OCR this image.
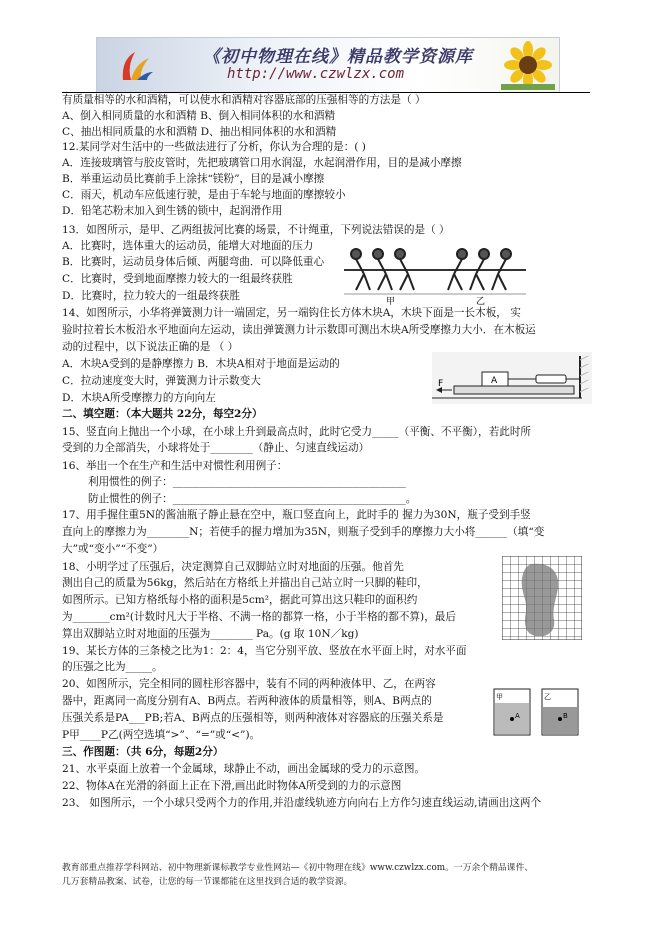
《初中物理在线》精品教学资源库
http://www.czwlzx.com
有质量相等的水和酒精，可以使水和酒精对容器底部的压强相等的方法是（ ）
A、倒入相同质量的水和酒精 B、倒入相同体积的水和酒精
C、抽出相同质量的水和酒精 D、抽出相同体积的水和酒精
12.某同学对生活中的一些做法进行了分析，你认为合理的是：( )
A．连接玻璃管与胶皮管时，先把玻璃管口用水润湿，水起润滑作用，目的是减小摩擦
B．举重运动员比赛前手上涂抹“镁粉”，目的是减小摩擦
C．雨天，机动车应低速行驶，是由于车轮与地面的摩擦较小
D．铅笔芯粉末加入到生锈的锁中，起润滑作用
13．如图所示，是甲、乙两组拔河比赛的场景，不计绳重，下列说法错误的是（ ）
A．比赛时，选体重大的运动员，能增大对地面的压力
B．比赛时，运动员身体后倾、两腿弯曲．可以降低重心
C．比赛时，受到地面摩擦力较大的一组最终获胜
D．比赛时，拉力较大的一组最终获胜
14、如图所示，小华将弹簧测力计一端固定，另一端钩住长方体木块A，木块下面是一长木板， 实
验时拉着长木板沿水平地面向左运动，读出弹簧测力计示数即可测出木块A所受摩擦力大小．在木板运
动的过程中，以下说法正确的是 （ ）
A．木块A受到的是静摩擦力 B．木块A相对于地面是运动的
C．拉动速度变大时，弹簧测力计示数变大
D．木块A所受摩擦力的方向向左
二、填空题：（本大题共 22分，每空2分）
15、竖直向上抛出一个小球，在小球上升到最高点时，此时它受力_____（平衡、不平衡），若此时所
受到的力全部消失，小球将处于________（静止、匀速直线运动）
16、举出一个在生产和生活中对惯性利用例子：
利用惯性的例子：____________________________________________
防止惯性的例子：____________________________________________。
17、用手握住重5N的酱油瓶子静止悬在空中，瓶口竖直向上，此时手的 握力为30N，瓶子受到手竖
直向上的摩擦力为________N；若使手的握力增加为35N，则瓶子受到手的摩擦力大小将______（填“变
大”或“变小”“不变”）
18、小明学过了压强后，决定测算自己双脚站立时对地面的压强。他首先
测出自己的质量为56kg，然后站在方格纸上并描出自己站立时一只脚的鞋印，
如图所示。已知方格纸每小格的面积是5cm²，据此可算出这只鞋印的面积约
为_______cm²(计数时凡大于半格、不满一格的都算一格，小于半格的都不算)，最后
算出双脚站立时对地面的压强为________ Pa。(g 取 10N／kg)
19、某长方体的三条棱之比为1：2：4，当它分别平放、竖放在水平面上时，对水平面
的压强之比为_____。
20、如图所示，完全相同的圆柱形容器中，装有不同的两种液体甲、乙，在两容
器中，距离同一高度分别有A、B两点。若两种液体的质量相等，则A、B两点的
压强关系是PA___PB;若A、B两点的压强相等，则两种液体对容器底的压强关系是
P甲____P乙(两空选填“>”、“=”或“<”)。
三、作图题：（共 6分，每题2分）
21、水平桌面上放着一个金属球，球静止不动，画出金属球的受力的示意图。
22、物体A在光滑的斜面上正在下滑,画出此时物体A所受到的力的示意图
23、 如图所示，一个小球只受两个力的作用,并沿虚线轨迹方向向右上方作匀速直线运动,请画出这两个
甲	乙
A
F
甲	乙
A	B
教育部重点推荐学科网站、初中物理新课标教学专业性网站—《初中物理在线》www.czwlzx.com。一万余个精品课件、
几万套精品教案、试卷，让您的每一节课都能在这里找到合适的教学资源。
